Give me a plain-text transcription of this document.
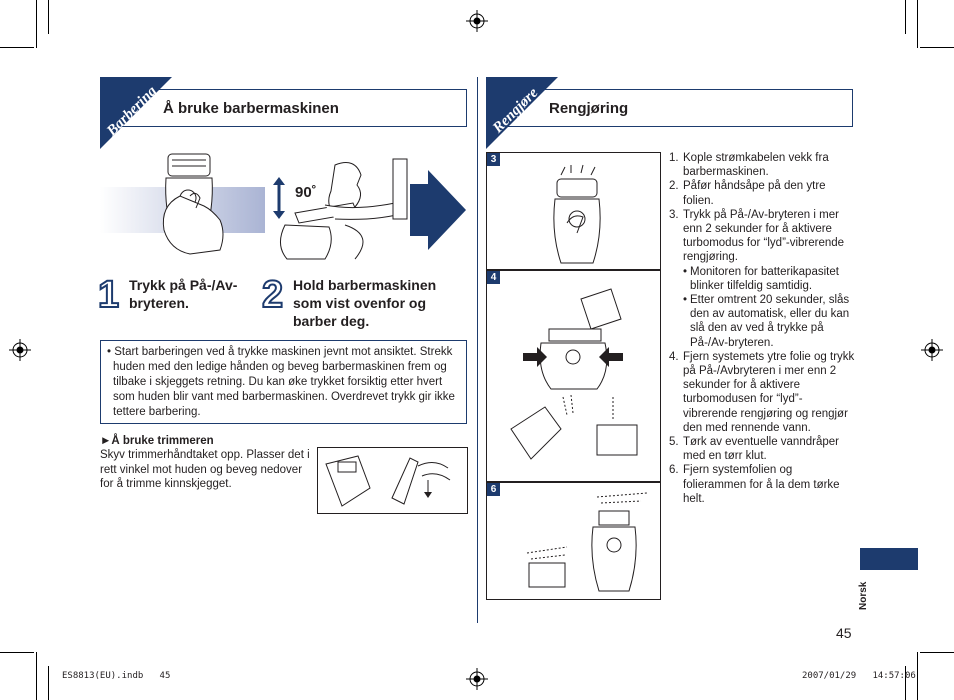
Barbering Å bruke barbermaskinen
90˚
1 Trykk på På-/Av-bryteren.	2 Hold barbermaskinen som vist ovenfor og barber deg.
• Start barberingen ved å trykke maskinen jevnt mot ansiktet. Strekk huden med den ledige hånden og beveg barbermaskinen frem og tilbake i skjeggets retning. Du kan øke trykket forsiktig etter hvert som huden blir vant med barbermaskinen. Overdrevet trykk gir ikke tettere barbering.
►Å bruke trimmeren
Skyv trimmerhåndtaket opp. Plasser det i rett vinkel mot huden og beveg nedover for å trimme kinnskjegget.
Rengjøre Rengjøring
3
4
6
1. Kople strømkabelen vekk fra barbermaskinen.
2. Påfør håndsåpe på den ytre folien.
3. Trykk på På-/Av-bryteren i mer enn 2 sekunder for å aktivere turbomodus for “lyd”-vibrerende rengjøring.
• Monitoren for batterikapasitet blinker tilfeldig samtidig.
• Etter omtrent 20 sekunder, slås den av automatisk, eller du kan slå den av ved å trykke på På-/Av-bryteren.
4. Fjern systemets ytre folie og trykk på På-/Avbryteren i mer enn 2 sekunder for å aktivere turbomodusen for “lyd”-vibrerende rengjøring og rengjør den med rennende vann.
5. Tørk av eventuelle vanndråper med en tørr klut.
6. Fjern systemfolien og folierammen for å la dem tørke helt.
Norsk
45
ES8813(EU).indb   45	2007/01/29   14:57:06
